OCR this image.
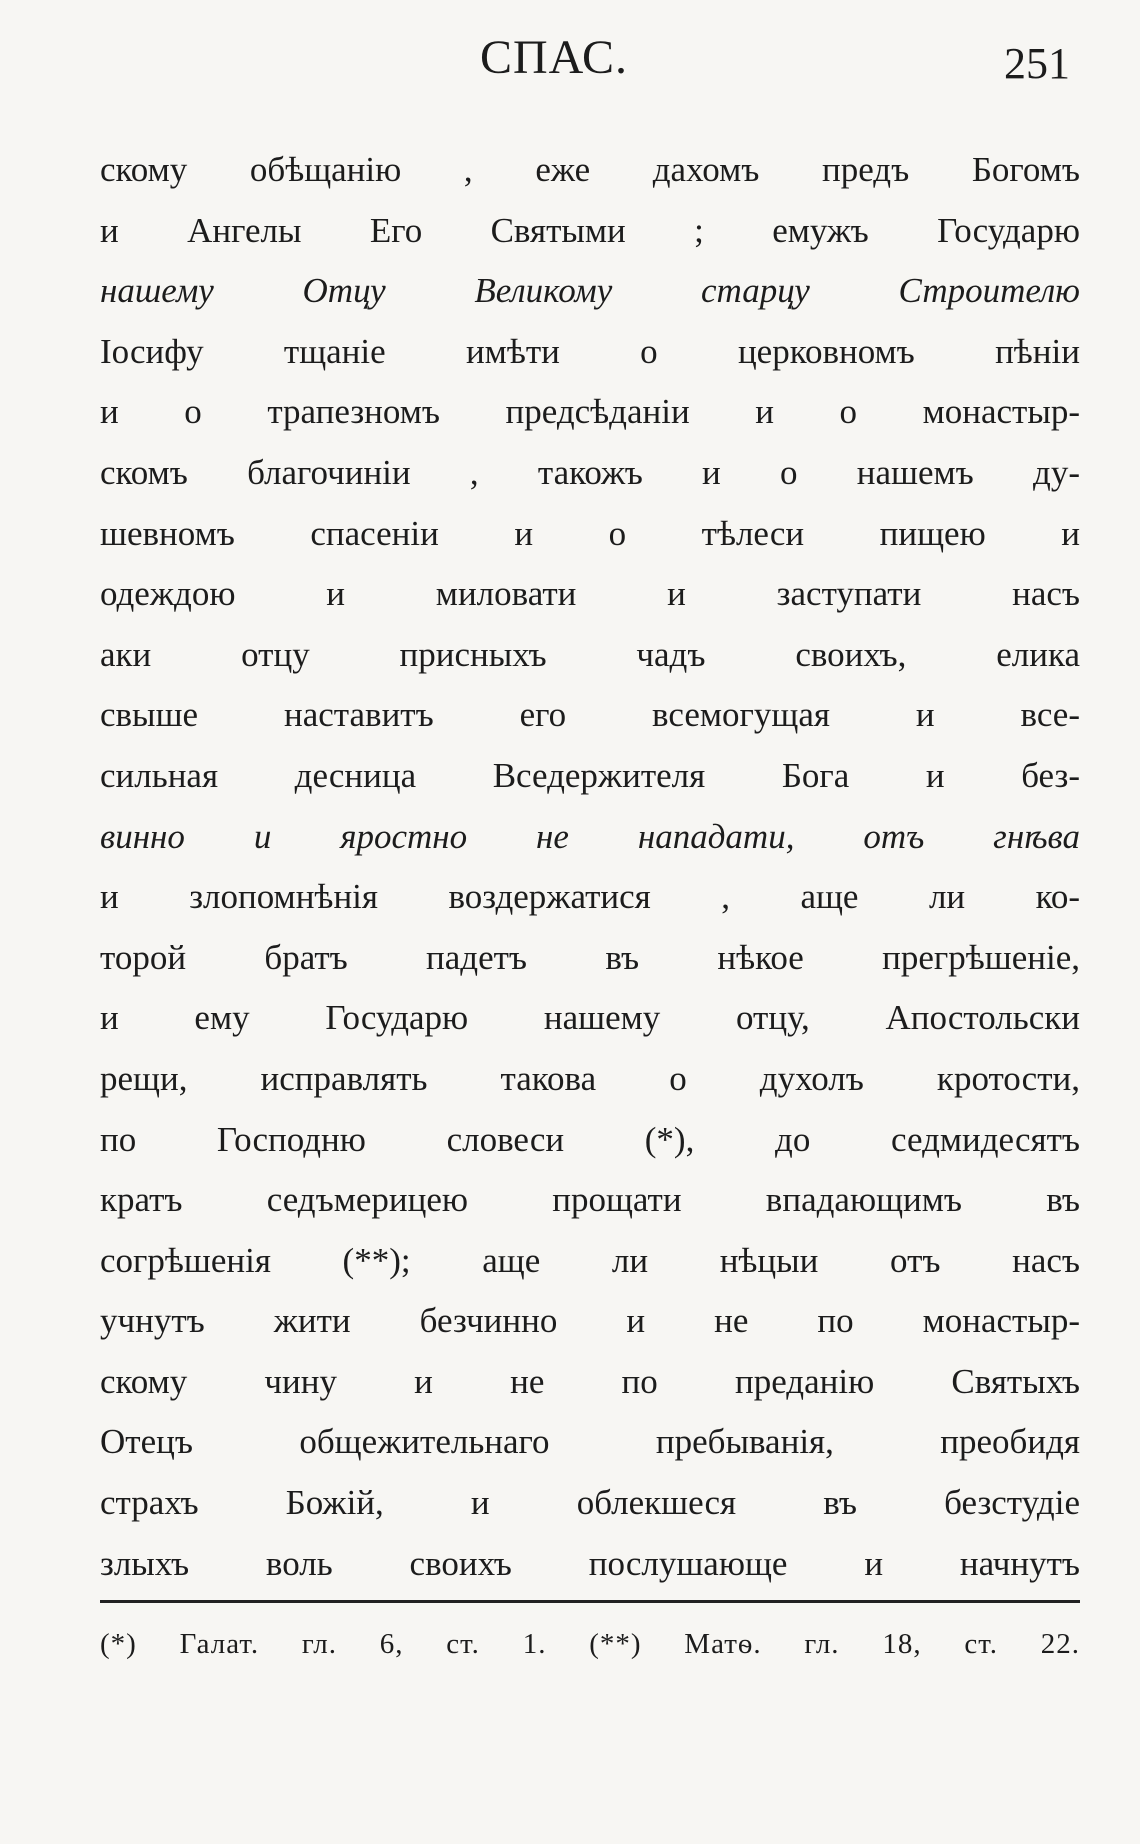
СПАС.	251
скому обѣщанію , еже дахомъ предъ Богомъ
и Ангелы Его Святыми ; емужъ Государю
нашему Отцу Великому старцу Строителю
Іосифу тщаніе имѣти о церковномъ пѣніи
и о трапезномъ предсѣданіи и о монастыр-
скомъ благочиніи , такожъ и о нашемъ ду-
шевномъ спасеніи и о тѣлеси пищею и
одеждою и миловати и заступати насъ
аки отцу присныхъ чадъ своихъ, елика
свыше наставитъ его всемогущая и все-
сильная десница Вседержителя Бога и без-
винно и яростно не нападати, отъ гнѣва
и злопомнѣнія воздержатися , аще ли ко-
торой братъ падетъ въ нѣкое прегрѣшеніе,
и ему Государю нашему отцу, Апостольски
рещи, исправлять такова о духолъ кротости,
по Господню словеси (*), до седмидесятъ
кратъ седъмерицею прощати впадающимъ въ
согрѣшенія (**); аще ли нѣцыи отъ насъ
учнутъ жити безчинно и не по монастыр-
скому чину и не по преданію Святыхъ
Отецъ общежительнаго пребыванія, преобидя
страхъ Божій, и облекшеся въ безстудіе
злыхъ воль своихъ послушающе и начнутъ
(*) Галат. гл. 6, ст. 1. (**) Матѳ. гл. 18, ст. 22.
